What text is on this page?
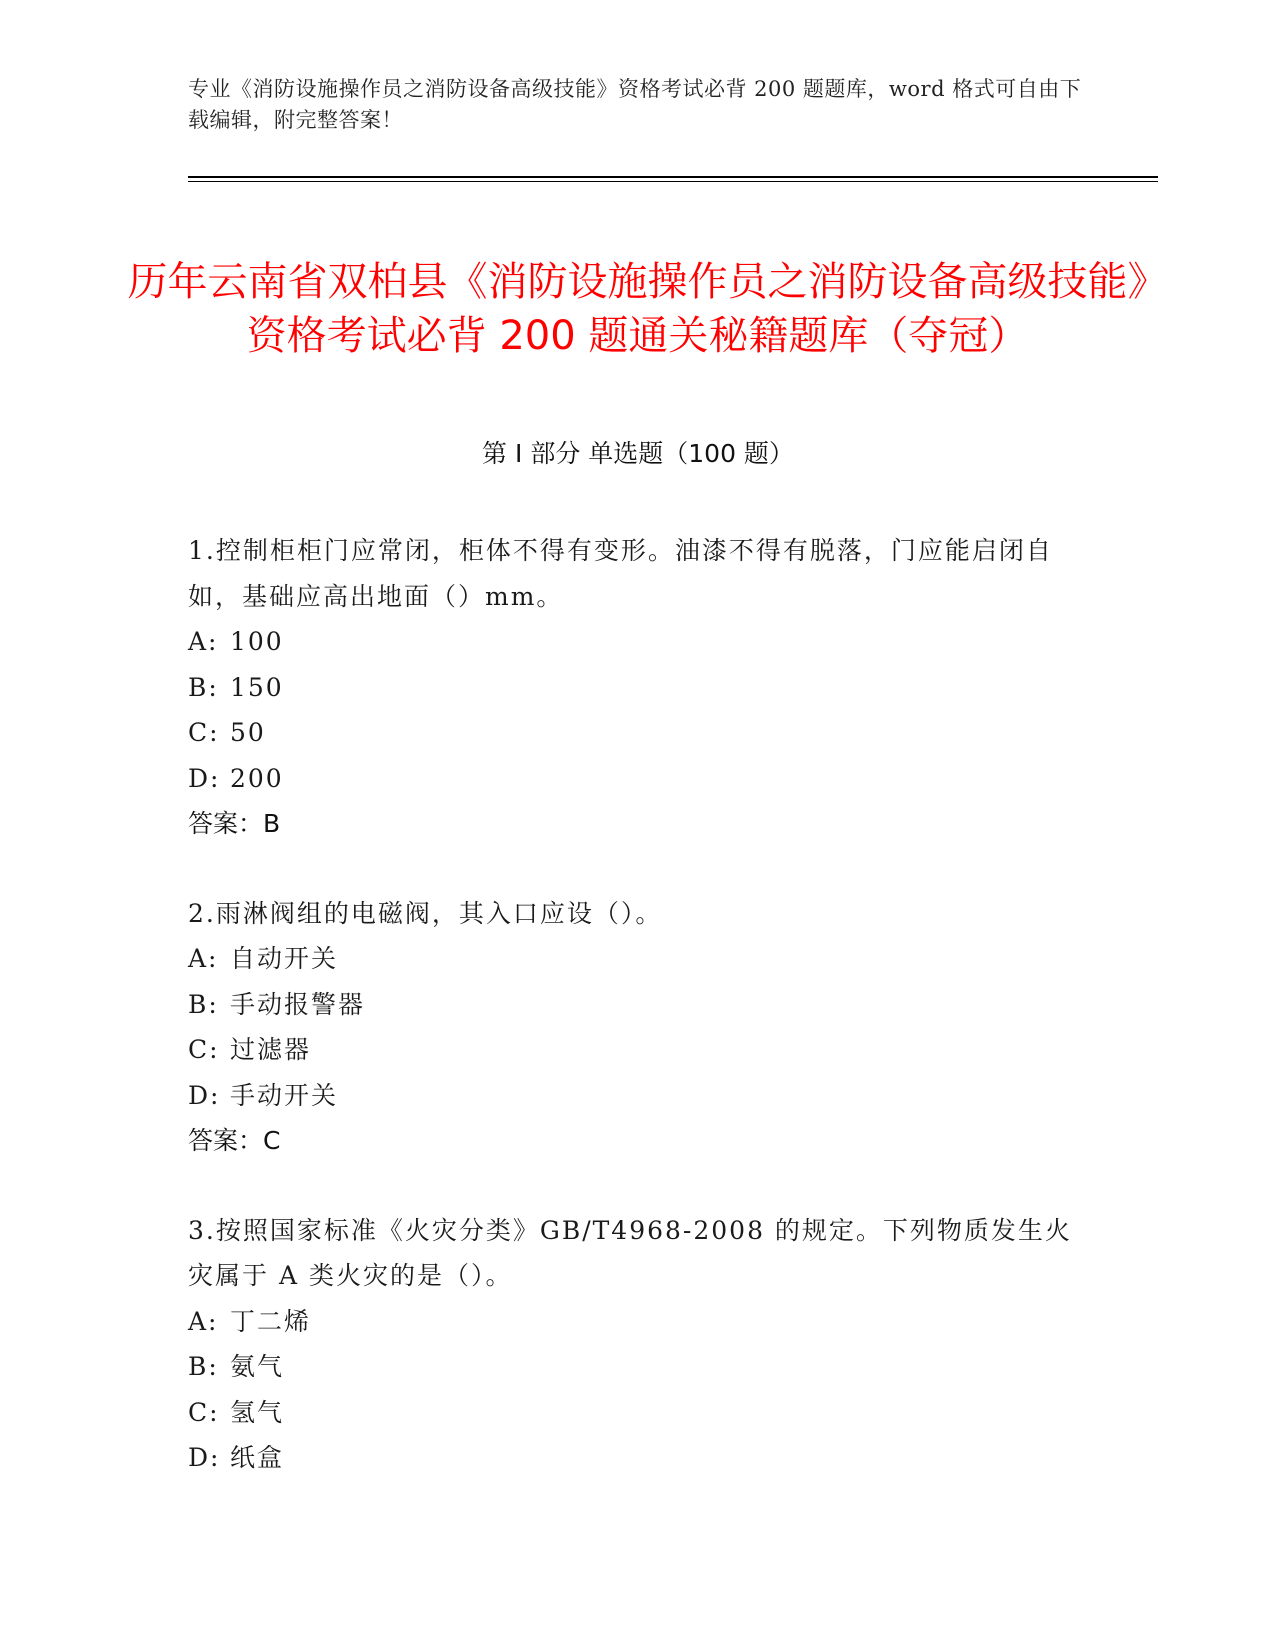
专业《消防设施操作员之消防设备高级技能》资格考试必背 200 题题库，word 格式可自由下载编辑，附完整答案！
历年云南省双柏县《消防设施操作员之消防设备高级技能》资格考试必背 200 题通关秘籍题库（夺冠）
第 I 部分 单选题（100 题）

1.控制柜柜门应常闭，柜体不得有变形。油漆不得有脱落，门应能启闭自如，基础应高出地面（）mm。

A: 100

B: 150

C: 50

D: 200

答案：B

2.雨淋阀组的电磁阀，其入口应设（）。

A: 自动开关

B: 手动报警器

C: 过滤器

D: 手动开关

答案：C

3.按照国家标准《火灾分类》GB/T4968-2008 的规定。下列物质发生火灾属于 A 类火灾的是（）。

A: 丁二烯

B: 氨气

C: 氢气

D: 纸盒
